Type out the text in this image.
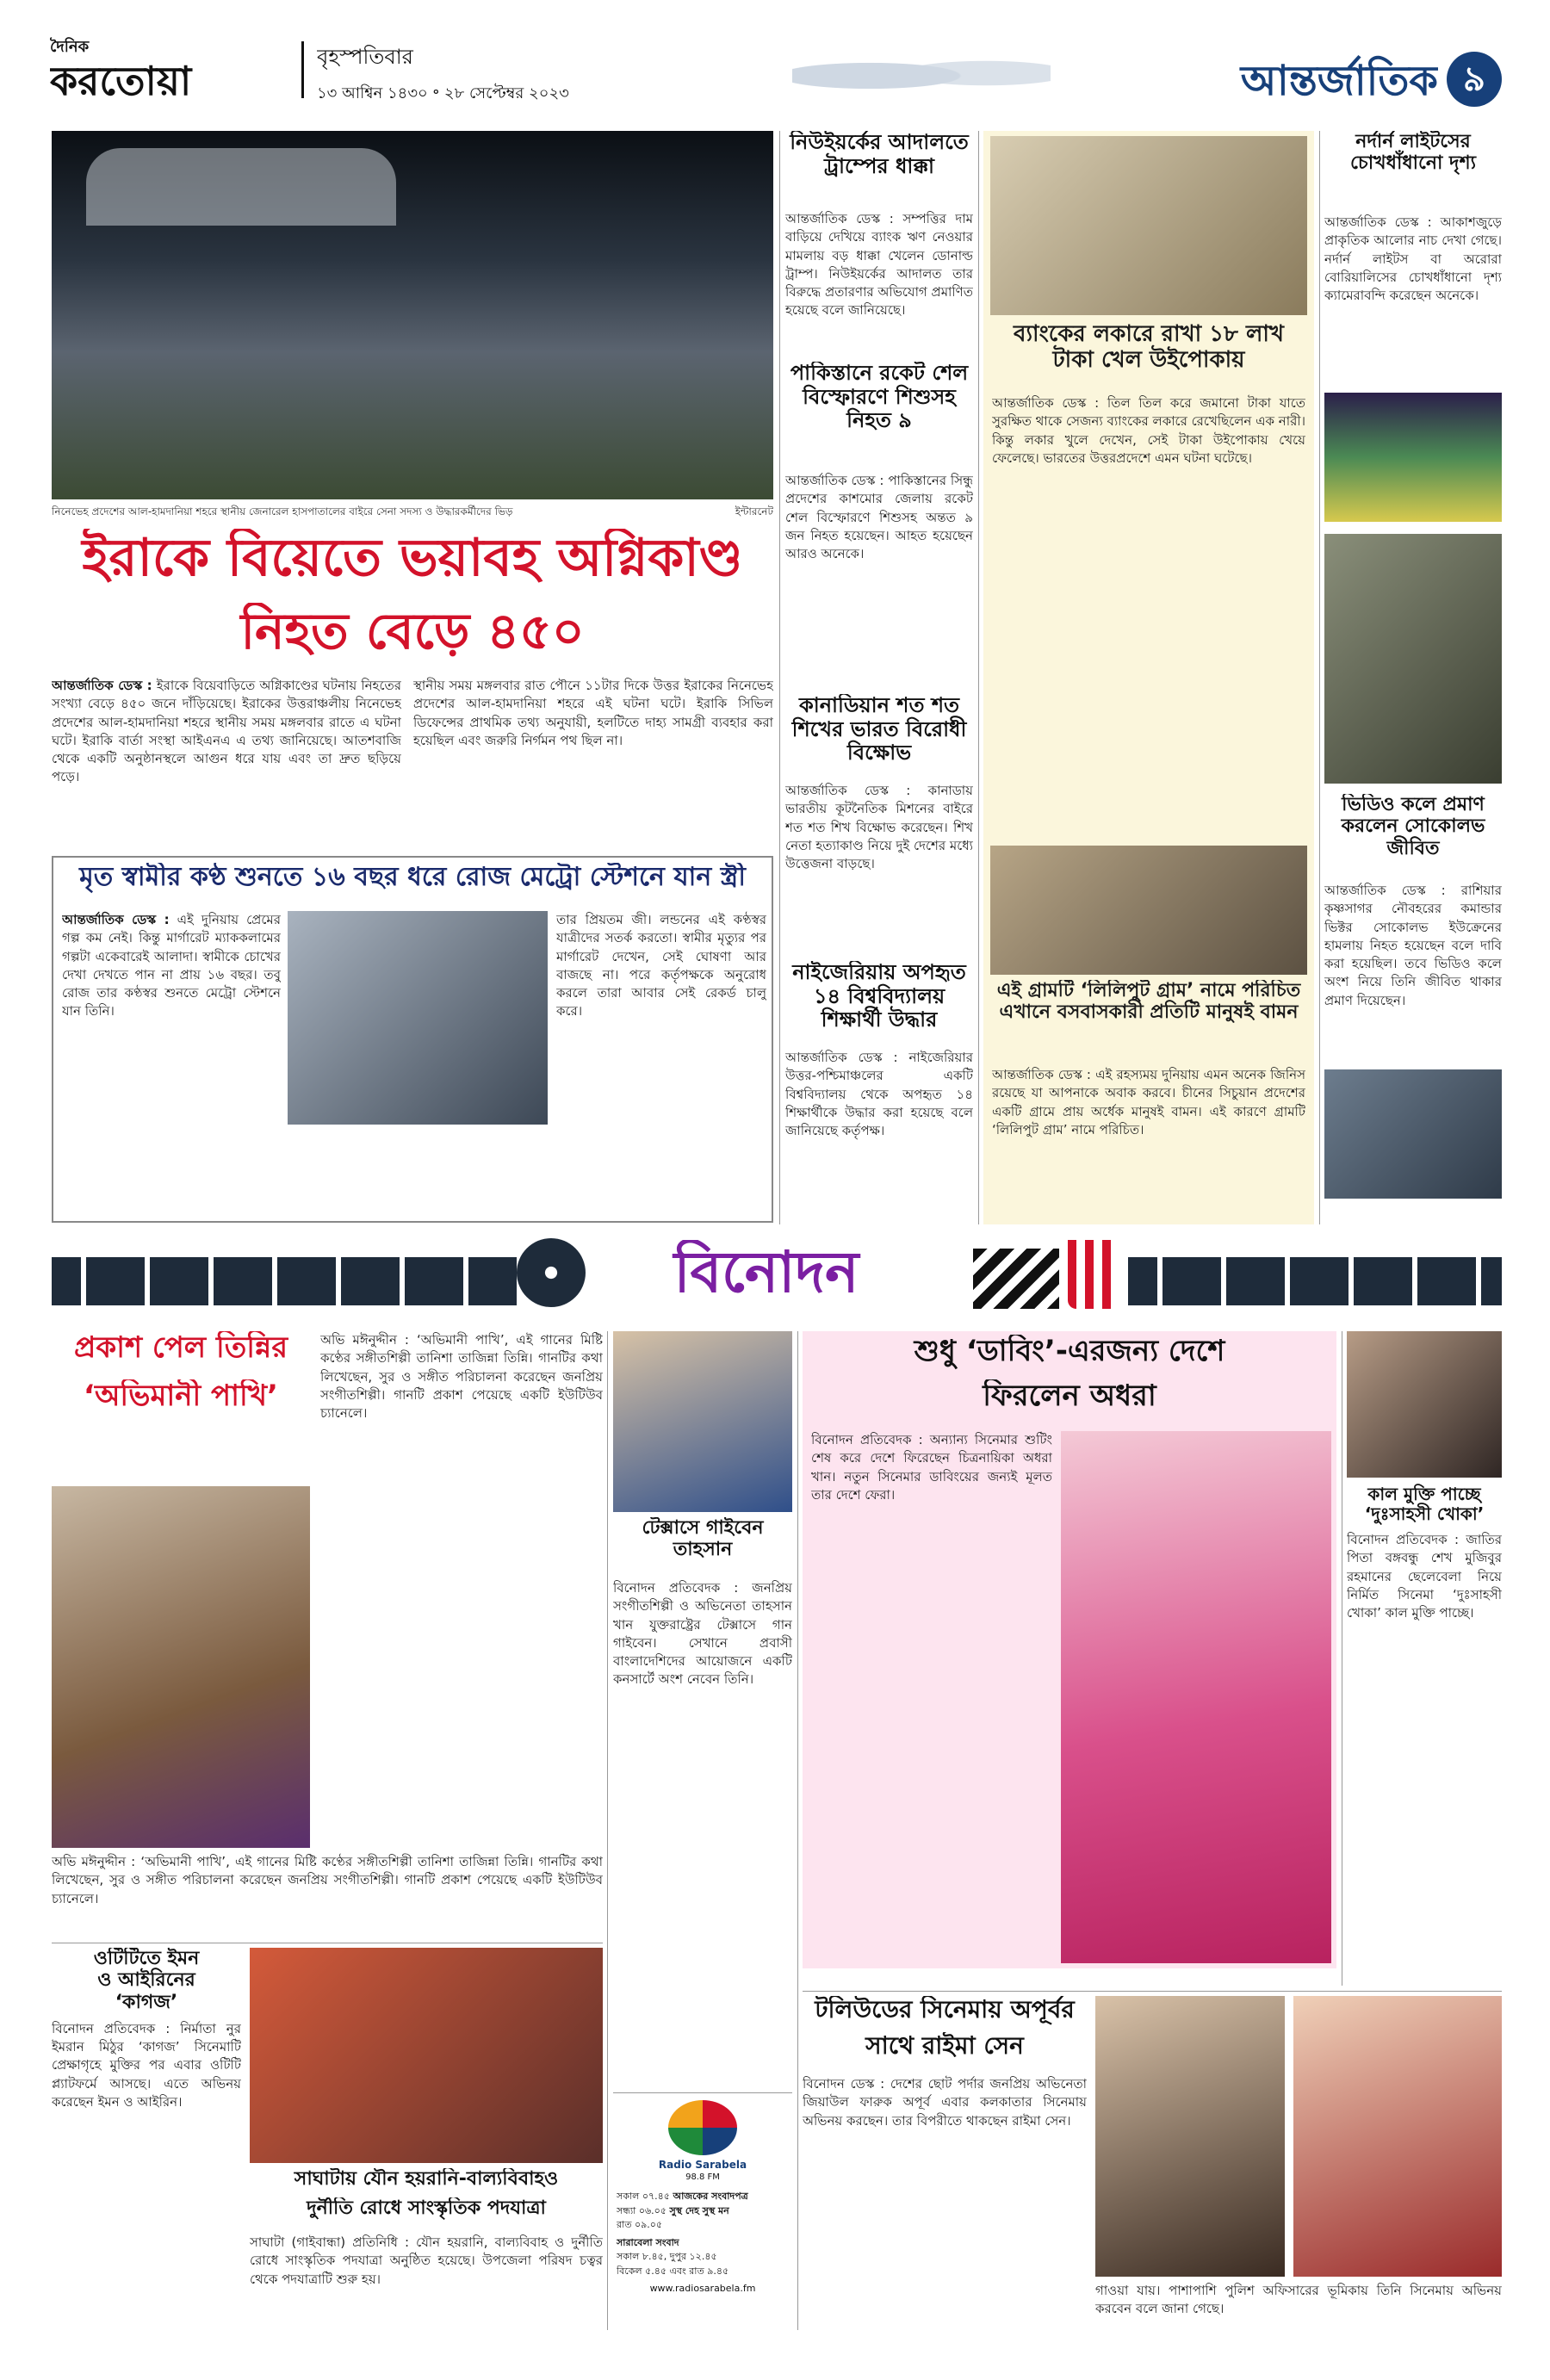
দৈনিক
করতোয়া
বৃহস্পতিবার
১৩ আশ্বিন ১৪৩০ ॰ ২৮ সেপ্টেম্বর ২০২৩	আন্তর্জাতিক ৯
নিনেভেহ প্রদেশের আল-হামদানিয়া শহরে স্থানীয় জেনারেল হাসপাতালের বাইরে সেনা সদস্য ও উদ্ধারকর্মীদের ভিড়	ইন্টারনেট
ইরাকে বিয়েতে ভয়াবহ অগ্নিকাণ্ড
নিহত বেড়ে ৪৫০
আন্তর্জাতিক ডেস্ক : ইরাকে বিয়েবাড়িতে অগ্নিকাণ্ডের ঘটনায় নিহতের সংখ্যা বেড়ে ৪৫০ জনে দাঁড়িয়েছে। ইরাকের উত্তরাঞ্চলীয় নিনেভেহ প্রদেশের আল-হামদানিয়া শহরে স্থানীয় সময় মঙ্গলবার রাতে এ ঘটনা ঘটে। ইরাকি বার্তা সংস্থা আইএনএ এ তথ্য জানিয়েছে। আতশবাজি থেকে একটি অনুষ্ঠানস্থলে আগুন ধরে যায় এবং তা দ্রুত ছড়িয়ে পড়ে।
স্থানীয় সময় মঙ্গলবার রাত পৌনে ১১টার দিকে উত্তর ইরাকের নিনেভেহ প্রদেশের আল-হামদানিয়া শহরে এই ঘটনা ঘটে। ইরাকি সিভিল ডিফেন্সের প্রাথমিক তথ্য অনুযায়ী, হলটিতে দাহ্য সামগ্রী ব্যবহার করা হয়েছিল এবং জরুরি নির্গমন পথ ছিল না।
মৃত স্বামীর কণ্ঠ শুনতে ১৬ বছর ধরে রোজ মেট্রো স্টেশনে যান স্ত্রী
আন্তর্জাতিক ডেস্ক : এই দুনিয়ায় প্রেমের গল্প কম নেই। কিন্তু মার্গারেট ম্যাককলামের গল্পটা একেবারেই আলাদা। স্বামীকে চোখের দেখা দেখতে পান না প্রায় ১৬ বছর। তবু রোজ তার কণ্ঠস্বর শুনতে মেট্রো স্টেশনে যান তিনি।
তার প্রিয়তম জী। লন্ডনের এই কণ্ঠস্বর যাত্রীদের সতর্ক করতো। স্বামীর মৃত্যুর পর মার্গারেট দেখেন, সেই ঘোষণা আর বাজছে না। পরে কর্তৃপক্ষকে অনুরোধ করলে তারা আবার সেই রেকর্ড চালু করে।
নিউইয়র্কের আদালতে ট্রাম্পের ধাক্কা
আন্তর্জাতিক ডেস্ক : সম্পত্তির দাম বাড়িয়ে দেখিয়ে ব্যাংক ঋণ নেওয়ার মামলায় বড় ধাক্কা খেলেন ডোনাল্ড ট্রাম্প। নিউইয়র্কের আদালত তার বিরুদ্ধে প্রতারণার অভিযোগ প্রমাণিত হয়েছে বলে জানিয়েছে।
পাকিস্তানে রকেট শেল বিস্ফোরণে শিশুসহ নিহত ৯
আন্তর্জাতিক ডেস্ক : পাকিস্তানের সিন্ধু প্রদেশের কাশমোর জেলায় রকেট শেল বিস্ফোরণে শিশুসহ অন্তত ৯ জন নিহত হয়েছেন। আহত হয়েছেন আরও অনেকে।
কানাডিয়ান শত শত শিখের ভারত বিরোধী বিক্ষোভ
আন্তর্জাতিক ডেস্ক : কানাডায় ভারতীয় কূটনৈতিক মিশনের বাইরে শত শত শিখ বিক্ষোভ করেছেন। শিখ নেতা হত্যাকাণ্ড নিয়ে দুই দেশের মধ্যে উত্তেজনা বাড়ছে।
নাইজেরিয়ায় অপহৃত ১৪ বিশ্ববিদ্যালয় শিক্ষার্থী উদ্ধার
আন্তর্জাতিক ডেস্ক : নাইজেরিয়ার উত্তর-পশ্চিমাঞ্চলের একটি বিশ্ববিদ্যালয় থেকে অপহৃত ১৪ শিক্ষার্থীকে উদ্ধার করা হয়েছে বলে জানিয়েছে কর্তৃপক্ষ।
ব্যাংকের লকারে রাখা ১৮ লাখ টাকা খেল উইপোকায়
আন্তর্জাতিক ডেস্ক : তিল তিল করে জমানো টাকা যাতে সুরক্ষিত থাকে সেজন্য ব্যাংকের লকারে রেখেছিলেন এক নারী। কিন্তু লকার খুলে দেখেন, সেই টাকা উইপোকায় খেয়ে ফেলেছে। ভারতের উত্তরপ্রদেশে এমন ঘটনা ঘটেছে।
এই গ্রামটি ‘লিলিপুট গ্রাম’ নামে পরিচিত এখানে বসবাসকারী প্রতিটি মানুষই বামন
আন্তর্জাতিক ডেস্ক : এই রহস্যময় দুনিয়ায় এমন অনেক জিনিস রয়েছে যা আপনাকে অবাক করবে। চীনের সিচুয়ান প্রদেশের একটি গ্রামে প্রায় অর্ধেক মানুষই বামন। এই কারণে গ্রামটি ‘লিলিপুট গ্রাম’ নামে পরিচিত।
নর্দার্ন লাইটসের চোখধাঁধানো দৃশ্য
আন্তর্জাতিক ডেস্ক : আকাশজুড়ে প্রাকৃতিক আলোর নাচ দেখা গেছে। নর্দার্ন লাইটস বা অরোরা বোরিয়ালিসের চোখধাঁধানো দৃশ্য ক্যামেরাবন্দি করেছেন অনেকে।
ভিডিও কলে প্রমাণ করলেন সোকোলভ জীবিত
আন্তর্জাতিক ডেস্ক : রাশিয়ার কৃষ্ণসাগর নৌবহরের কমান্ডার ভিক্টর সোকোলভ ইউক্রেনের হামলায় নিহত হয়েছেন বলে দাবি করা হয়েছিল। তবে ভিডিও কলে অংশ নিয়ে তিনি জীবিত থাকার প্রমাণ দিয়েছেন।
বিনোদন
প্রকাশ পেল তিন্নির
‘অভিমানী পাখি’
অভি মঈনুদ্দীন : ‘অভিমানী পাখি’, এই গানের মিষ্টি কণ্ঠের সঙ্গীতশিল্পী তানিশা তাজিন্না তিন্নি। গানটির কথা লিখেছেন, সুর ও সঙ্গীত পরিচালনা করেছেন জনপ্রিয় সংগীতশিল্পী। গানটি প্রকাশ পেয়েছে একটি ইউটিউব চ্যানেলে।
অভি মঈনুদ্দীন : ‘অভিমানী পাখি’, এই গানের মিষ্টি কণ্ঠের সঙ্গীতশিল্পী তানিশা তাজিন্না তিন্নি। গানটির কথা লিখেছেন, সুর ও সঙ্গীত পরিচালনা করেছেন জনপ্রিয় সংগীতশিল্পী। গানটি প্রকাশ পেয়েছে একটি ইউটিউব চ্যানেলে।
ওটিটিতে ইমন
ও আইরিনের
‘কাগজ’
বিনোদন প্রতিবেদক : নির্মাতা নুর ইমরান মিঠুর ‘কাগজ’ সিনেমাটি প্রেক্ষাগৃহে মুক্তির পর এবার ওটিটি প্ল্যাটফর্মে আসছে। এতে অভিনয় করেছেন ইমন ও আইরিন।
সাঘাটায় যৌন হয়রানি-বাল্যবিবাহও
দুর্নীতি রোধে সাংস্কৃতিক পদযাত্রা
সাঘাটা (গাইবান্ধা) প্রতিনিধি : যৌন হয়রানি, বাল্যবিবাহ ও দুর্নীতি রোধে সাংস্কৃতিক পদযাত্রা অনুষ্ঠিত হয়েছে। উপজেলা পরিষদ চত্বর থেকে পদযাত্রাটি শুরু হয়।
টেক্সাসে গাইবেন তাহসান
বিনোদন প্রতিবেদক : জনপ্রিয় সংগীতশিল্পী ও অভিনেতা তাহসান খান যুক্তরাষ্ট্রের টেক্সাসে গান গাইবেন। সেখানে প্রবাসী বাংলাদেশিদের আয়োজনে একটি কনসার্টে অংশ নেবেন তিনি।
Radio Sarabela
98.8 FM
সকাল ০৭.৪৫ আজকের সংবাদপত্র
সন্ধ্যা ০৬.০৫ সুস্থ দেহ সুস্থ মন
রাত ০৯.০৫
সারাবেলা সংবাদ
সকাল ৮.৪৫, দুপুর ১২.৪৫
বিকেল ৫.৪৫ এবং রাত ৯.৪৫
www.radiosarabela.fm
শুধু ‘ডাবিং’-এরজন্য দেশে
ফিরলেন অধরা
বিনোদন প্রতিবেদক : অন্যান্য সিনেমার শুটিং শেষ করে দেশে ফিরেছেন চিত্রনায়িকা অধরা খান। নতুন সিনেমার ডাবিংয়ের জন্যই মূলত তার দেশে ফেরা।	কাল মুক্তি পাচ্ছে
‘দুঃসাহসী খোকা’
বিনোদন প্রতিবেদক : জাতির পিতা বঙ্গবন্ধু শেখ মুজিবুর রহমানের ছেলেবেলা নিয়ে নির্মিত সিনেমা ‘দুঃসাহসী খোকা’ কাল মুক্তি পাচ্ছে।
টলিউডের সিনেমায় অপূর্বর
সাথে রাইমা সেন
বিনোদন ডেস্ক : দেশের ছোট পর্দার জনপ্রিয় অভিনেতা জিয়াউল ফারুক অপূর্ব এবার কলকাতার সিনেমায় অভিনয় করছেন। তার বিপরীতে থাকছেন রাইমা সেন।
গাওয়া যায়। পাশাপাশি পুলিশ অফিসারের ভূমিকায় তিনি সিনেমায় অভিনয় করবেন বলে জানা গেছে।
